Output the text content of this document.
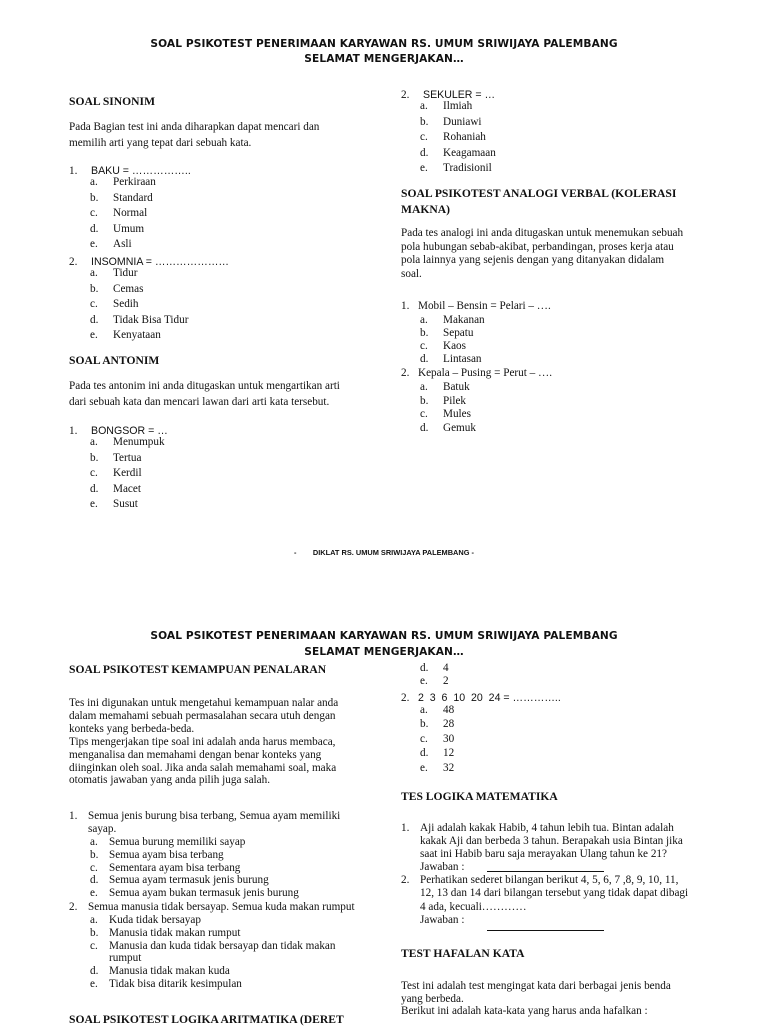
SOAL PSIKOTEST PENERIMAAN KARYAWAN RS. UMUM SRIWIJAYA PALEMBANG
SELAMAT MENGERJAKAN…
SOAL SINONIM
Pada Bagian test ini anda diharapkan dapat mencari dan
memilih arti yang tepat dari sebuah kata.
1. BAKU = ……………..
a. Perkiraan
b. Standard
c. Normal
d. Umum
e. Asli
2. INSOMNIA = …………………
a. Tidur
b. Cemas
c. Sedih
d. Tidak Bisa Tidur
e. Kenyataan
SOAL ANTONIM
Pada tes antonim ini anda ditugaskan untuk mengartikan arti
dari sebuah kata dan mencari lawan dari arti kata tersebut.
1. BONGSOR = …
a. Menumpuk
b. Tertua
c. Kerdil
d. Macet
e. Susut
2. SEKULER = …
a. Ilmiah
b. Duniawi
c. Rohaniah
d. Keagamaan
e. Tradisionil
SOAL PSIKOTEST ANALOGI VERBAL (KOLERASI
MAKNA)
Pada tes analogi ini anda ditugaskan untuk menemukan sebuah
pola hubungan sebab-akibat, perbandingan, proses kerja atau
pola lainnya yang sejenis dengan yang ditanyakan didalam
soal.
1. Mobil – Bensin = Pelari – ….
a. Makanan
b. Sepatu
c. Kaos
d. Lintasan
2. Kepala – Pusing = Perut – ….
a. Batuk
b. Pilek
c. Mules
d. Gemuk
-        DIKLAT RS. UMUM SRIWIJAYA PALEMBANG -
SOAL PSIKOTEST PENERIMAAN KARYAWAN RS. UMUM SRIWIJAYA PALEMBANG
SELAMAT MENGERJAKAN…
SOAL PSIKOTEST KEMAMPUAN PENALARAN
Tes ini digunakan untuk mengetahui kemampuan nalar anda
dalam memahami sebuah permasalahan secara utuh dengan
konteks yang berbeda-beda.
Tips mengerjakan tipe soal ini adalah anda harus membaca,
menganalisa dan memahami dengan benar konteks yang
diinginkan oleh soal. Jika anda salah memahami soal, maka
otomatis jawaban yang anda pilih juga salah.
1. Semua jenis burung bisa terbang, Semua ayam memiliki
sayap.
a. Semua burung memiliki sayap
b. Semua ayam bisa terbang
c. Sementara ayam bisa terbang
d. Semua ayam termasuk jenis burung
e. Semua ayam bukan termasuk jenis burung
2. Semua manusia tidak bersayap. Semua kuda makan rumput
a. Kuda tidak bersayap
b. Manusia tidak makan rumput
c. Manusia dan kuda tidak bersayap dan tidak makan
rumput
d. Manusia tidak makan kuda
e. Tidak bisa ditarik kesimpulan
SOAL PSIKOTEST LOGIKA ARITMATIKA (DERET
d. 4
e. 2
2. 2  3  6  10  20  24 = …………..
a. 48
b. 28
c. 30
d. 12
e. 32
TES LOGIKA MATEMATIKA
1. Aji adalah kakak Habib, 4 tahun lebih tua. Bintan adalah
kakak Aji dan berbeda 3 tahun. Berapakah usia Bintan jika
saat ini Habib baru saja merayakan Ulang tahun ke 21?
Jawaban :
2. Perhatikan sederet bilangan berikut 4, 5, 6, 7 ,8, 9, 10, 11,
12, 13 dan 14 dari bilangan tersebut yang tidak dapat dibagi
4 ada, kecuali…………
Jawaban :
TEST HAFALAN KATA
Test ini adalah test mengingat kata dari berbagai jenis benda
yang berbeda.
Berikut ini adalah kata-kata yang harus anda hafalkan :
